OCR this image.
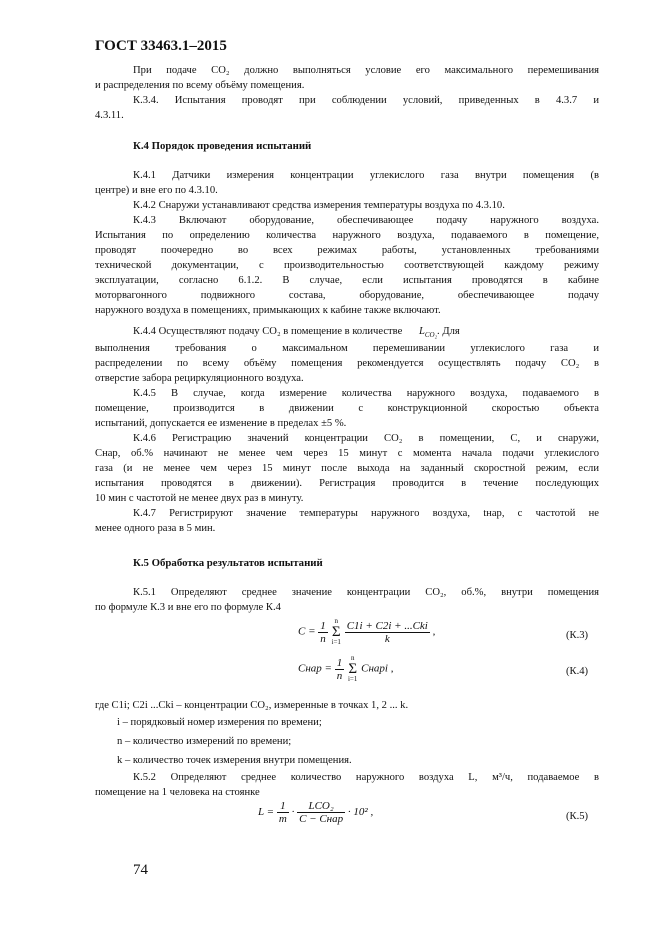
ГОСТ 33463.1–2015
При подаче СО₂ должно выполняться условие его максимального перемешивания
и распределения по всему объёму помещения.
К.3.4. Испытания проводят при соблюдении условий, приведенных в 4.3.7 и
4.3.11.
К.4 Порядок проведения испытаний
К.4.1 Датчики измерения концентрации углекислого газа внутри помещения (в
центре) и вне его по 4.3.10.
К.4.2 Снаружи устанавливают средства измерения температуры воздуха по 4.3.10.
К.4.3 Включают оборудование, обеспечивающее подачу наружного воздуха.
Испытания по определению количества наружного воздуха, подаваемого в помещение,
проводят поочередно во всех режимах работы, установленных требованиями
технической документации, с производительностью соответствующей каждому режиму
эксплуатации, согласно 6.1.2. В случае, если испытания проводятся в кабине
моторвагонного подвижного состава, оборудование, обеспечивающее подачу
наружного воздуха в помещениях, примыкающих к кабине также включают.
К.4.4 Осуществляют подачу СО₂ в помещение в количестве $L_{CO_2}$. Для
выполнения требования о максимальном перемешивании углекислого газа и
распределении по всему объёму помещения рекомендуется осуществлять подачу СО₂ в
отверстие забора рециркуляционного воздуха.
К.4.5 В случае, когда измерение количества наружного воздуха, подаваемого в
помещение, производится в движении с конструкционной скоростью объекта
испытаний, допускается ее изменение в пределах ±5 %.
К.4.6 Регистрацию значений концентрации СО₂ в помещении, С, и снаружи,
Снар, об.% начинают не менее чем через 15 минут с момента начала подачи углекислого
газа (и не менее чем через 15 минут после выхода на заданный скоростной режим, если
испытания проводятся в движении). Регистрация проводится в течение последующих
10 мин с частотой не менее двух раз в минуту.
К.4.7 Регистрируют значение температуры наружного воздуха, tнар, с частотой не
менее одного раза в 5 мин.
К.5 Обработка результатов испытаний
К.5.1 Определяют среднее значение концентрации СО₂, об.%, внутри помещения
по формуле К.3 и вне его по формуле К.4
$C = \frac{1}{n}$ n
Σ
$i=1 \frac{\text{C1i + C2i + ...Cki}}{k}$ ,	(К.3)
Cнар = $\frac{1}{n}$ n
Σ
i=1 Cнарi ,	(К.4)
где C1i; C2i ...Cki – концентрации СО₂, измеренные в точках 1, 2 ... k.
i – порядковый номер измерения по времени;
n – количество измерений по времени;
k – количество точек измерения внутри помещения.
К.5.2 Определяют среднее количество наружного воздуха L, м³/ч, подаваемое в
помещение на 1 человека на стоянке
$L = \frac{1}{m} \cdot \frac{\text{LCO₂}}{\text{C − Cнар}} \cdot 10^2$ ,	(К.5)
74
